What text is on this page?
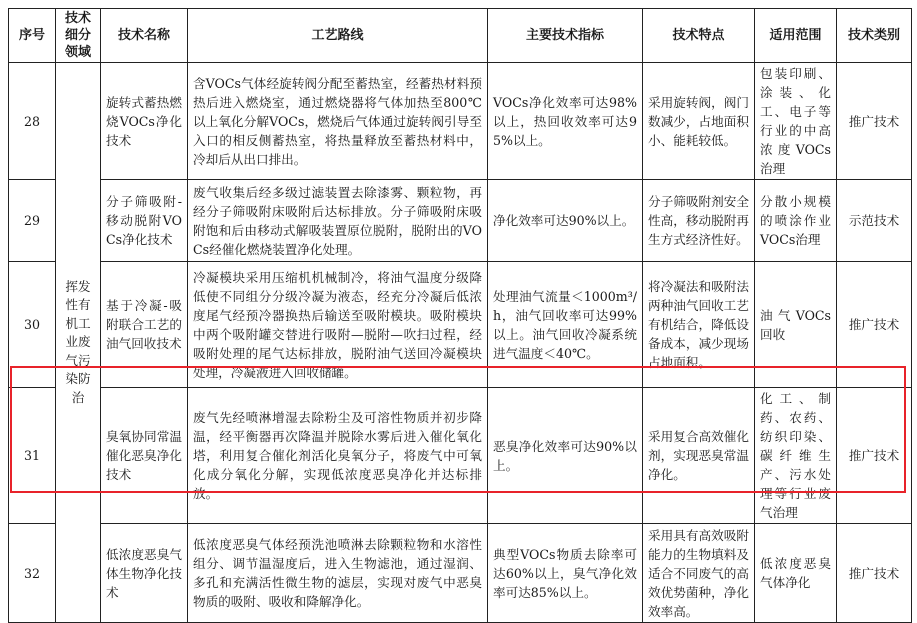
序号	技术细分领域	技术名称	工艺路线	主要技术指标	技术特点	适用范围	技术类别
28	挥发性有机工业废气污染防治	旋转式蓄热燃烧VOCs净化技术	含VOCs气体经旋转阀分配至蓄热室，经蓄热材料预热后进入燃烧室，通过燃烧器将气体加热至800℃以上氧化分解VOCs，燃烧后气体通过旋转阀引导至入口的相反侧蓄热室，将热量释放至蓄热材料中，冷却后从出口排出。	VOCs净化效率可达98%以上，热回收效率可达95%以上。	采用旋转阀，阀门数减少，占地面积小、能耗较低。	包装印刷、涂装、化工、电子等行业的中高浓度VOCs治理	推广技术
29		分子筛吸附-移动脱附VOCs净化技术	废气收集后经多级过滤装置去除漆雾、颗粒物，再经分子筛吸附床吸附后达标排放。分子筛吸附床吸附饱和后由移动式解吸装置原位脱附，脱附出的VOCs经催化燃烧装置净化处理。	净化效率可达90%以上。	分子筛吸附剂安全性高，移动脱附再生方式经济性好。	分散小规模的喷涂作业VOCs治理	示范技术
30		基于冷凝-吸附联合工艺的油气回收技术	冷凝模块采用压缩机机械制冷，将油气温度分级降低使不同组分分级冷凝为液态，经充分冷凝后低浓度尾气经预冷器换热后输送至吸附模块。吸附模块中两个吸附罐交替进行吸附—脱附—吹扫过程，经吸附处理的尾气达标排放，脱附油气送回冷凝模块处理，冷凝液进入回收储罐。	处理油气流量＜1000m³/h，油气回收率可达99%以上。油气回收冷凝系统进气温度＜40℃。	将冷凝法和吸附法两种油气回收工艺有机结合，降低设备成本，减少现场占地面积。	油气VOCs回收	推广技术
31		臭氧协同常温催化恶臭净化技术	废气先经喷淋增湿去除粉尘及可溶性物质并初步降温，经平衡器再次降温并脱除水雾后进入催化氧化塔，利用复合催化剂活化臭氧分子，将废气中可氧化成分氧化分解，实现低浓度恶臭净化并达标排放。	恶臭净化效率可达90%以上。	采用复合高效催化剂，实现恶臭常温净化。	化工、制药、农药、纺织印染、碳纤维生产、污水处理等行业废气治理	推广技术
32		低浓度恶臭气体生物净化技术	低浓度恶臭气体经预洗池喷淋去除颗粒物和水溶性组分、调节温湿度后，进入生物滤池，通过湿润、多孔和充满活性微生物的滤层，实现对废气中恶臭物质的吸附、吸收和降解净化。	典型VOCs物质去除率可达60%以上，臭气净化效率可达85%以上。	采用具有高效吸附能力的生物填料及适合不同废气的高效优势菌种，净化效率高。	低浓度恶臭气体净化	推广技术
